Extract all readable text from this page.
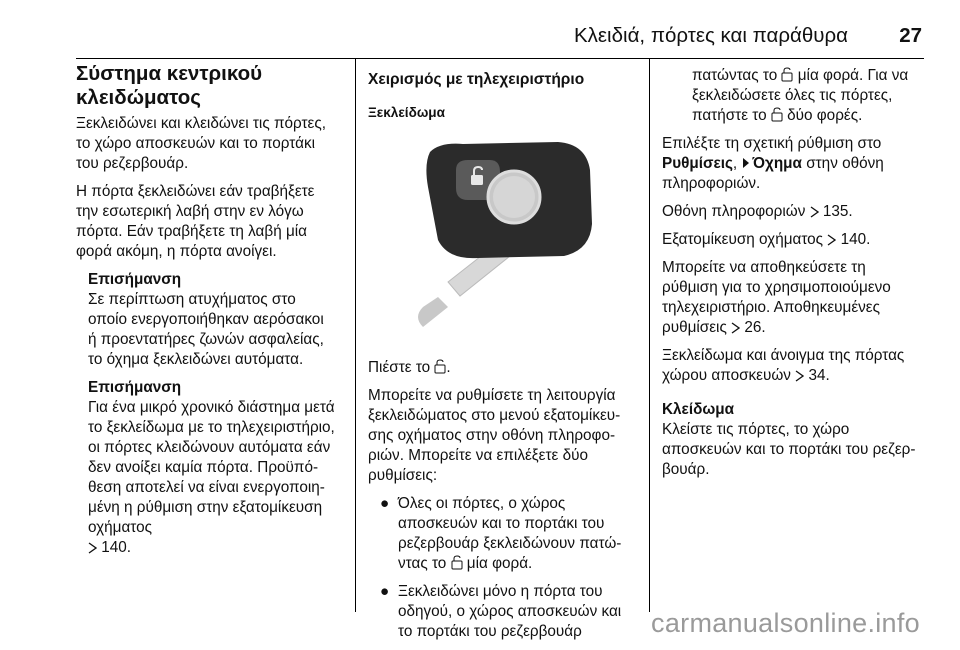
Κλειδιά, πόρτες και παράθυρα 27
Σύστημα κεντρικού κλειδώματος

Ξεκλειδώνει και κλειδώνει τις πόρτες,
το χώρο αποσκευών και το πορτάκι
του ρεζερβουάρ.

Η πόρτα ξεκλειδώνει εάν τραβήξετε
την εσωτερική λαβή στην εν λόγω
πόρτα. Εάν τραβήξετε τη λαβή μία
φορά ακόμη, η πόρτα ανοίγει.

Επισήμανση

Σε περίπτωση ατυχήματος στο
οποίο ενεργοποιήθηκαν αερόσακοι
ή προεντατήρες ζωνών ασφαλείας,
το όχημα ξεκλειδώνει αυτόματα.

Επισήμανση

Για ένα μικρό χρονικό διάστημα μετά
το ξεκλείδωμα με το τηλεχειριστήριο,
οι πόρτες κλειδώνουν αυτόματα εάν
δεν ανοίξει καμία πόρτα. Προϋπό-
θεση αποτελεί να είναι ενεργοποιη-
μένη η ρύθμιση στην εξατομίκευση
οχήματος
140.

Χειρισμός με τηλεχειριστήριο
Ξεκλείδωμα

Πιέστε το .

Μπορείτε να ρυθμίσετε τη λειτουργία
ξεκλειδώματος στο μενού εξατομίκευ-
σης οχήματος στην οθόνη πληροφο-
ριών. Μπορείτε να επιλέξετε δύο
ρυθμίσεις:

● Όλες οι πόρτες, ο χώρος
αποσκευών και το πορτάκι του
ρεζερβουάρ ξεκλειδώνουν πατώ-
ντας το μία φορά.
● Ξεκλειδώνει μόνο η πόρτα του
οδηγού, ο χώρος αποσκευών και
το πορτάκι του ρεζερβουάρ

πατώντας το μία φορά. Για να
ξεκλειδώσετε όλες τις πόρτες,
πατήστε το δύο φορές.

Επιλέξτε τη σχετική ρύθμιση στο
Ρυθμίσεις, Όχημα στην οθόνη
πληροφοριών.

Οθόνη πληροφοριών 135.

Εξατομίκευση οχήματος 140.

Μπορείτε να αποθηκεύσετε τη
ρύθμιση για το χρησιμοποιούμενο
τηλεχειριστήριο. Αποθηκευμένες
ρυθμίσεις 26.

Ξεκλείδωμα και άνοιγμα της πόρτας
χώρου αποσκευών 34.

Κλείδωμα

Κλείστε τις πόρτες, το χώρο
αποσκευών και το πορτάκι του ρεζερ-
βουάρ.

carmanualsonline.info
